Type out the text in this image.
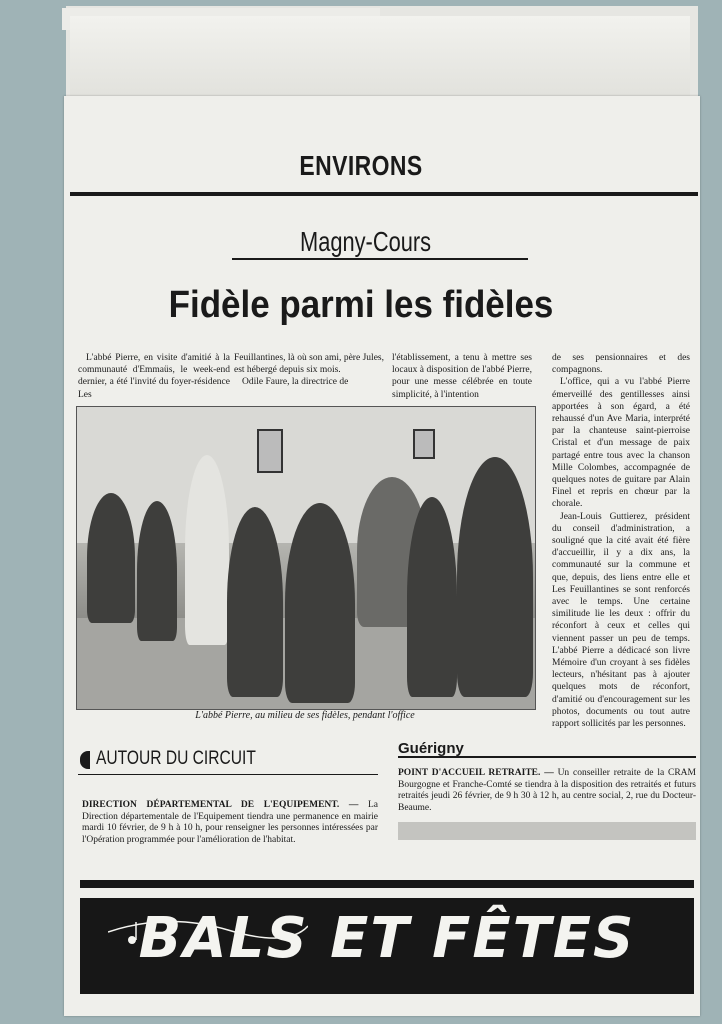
ENVIRONS
Magny-Cours
Fidèle parmi les fidèles

L'abbé Pierre, en visite d'amitié à la communauté d'Emmaüs, le week-end dernier, a été l'invité du foyer-résidence Les

Feuillantines, là où son ami, père Jules, est hébergé depuis six mois.

Odile Faure, la directrice de

l'établissement, a tenu à mettre ses locaux à disposition de l'abbé Pierre, pour une messe célébrée en toute simplicité, à l'intention

de ses pensionnaires et des compagnons.

L'office, qui a vu l'abbé Pierre émerveillé des gentillesses ainsi apportées à son égard, a été rehaussé d'un Ave Maria, interprété par la chanteuse saint-pierroise Cristal et d'un message de paix partagé entre tous avec la chanson Mille Colombes, accompagnée de quelques notes de guitare par Alain Finel et repris en chœur par la chorale.

Jean-Louis Guttierez, président du conseil d'administration, a souligné que la cité avait été fière d'accueillir, il y a dix ans, la communauté sur la commune et que, depuis, des liens entre elle et Les Feuillantines se sont renforcés avec le temps. Une certaine similitude lie les deux : offrir du réconfort à ceux et celles qui viennent passer un peu de temps. L'abbé Pierre a dédicacé son livre Mémoire d'un croyant à ses fidèles lecteurs, n'hésitant pas à ajouter quelques mots de réconfort, d'amitié ou d'encouragement sur les photos, documents ou tout autre rapport sollicités par les personnes.

L'abbé Pierre, au milieu de ses fidèles, pendant l'office
AUTOUR DU CIRCUIT	Guérigny
DIRECTION DÉPARTEMENTAL DE L'EQUIPEMENT. — La Direction départementale de l'Equipement tiendra une permanence en mairie mardi 10 février, de 9 h à 10 h, pour renseigner les personnes intéressées par l'Opération programmée pour l'amélioration de l'habitat.
POINT D'ACCUEIL RETRAITE. — Un conseiller retraite de la CRAM Bourgogne et Franche-Comté se tiendra à la disposition des retraités et futurs retraités jeudi 26 février, de 9 h 30 à 12 h, au centre social, 2, rue du Docteur-Beaume.
BALS ET FÊTES
